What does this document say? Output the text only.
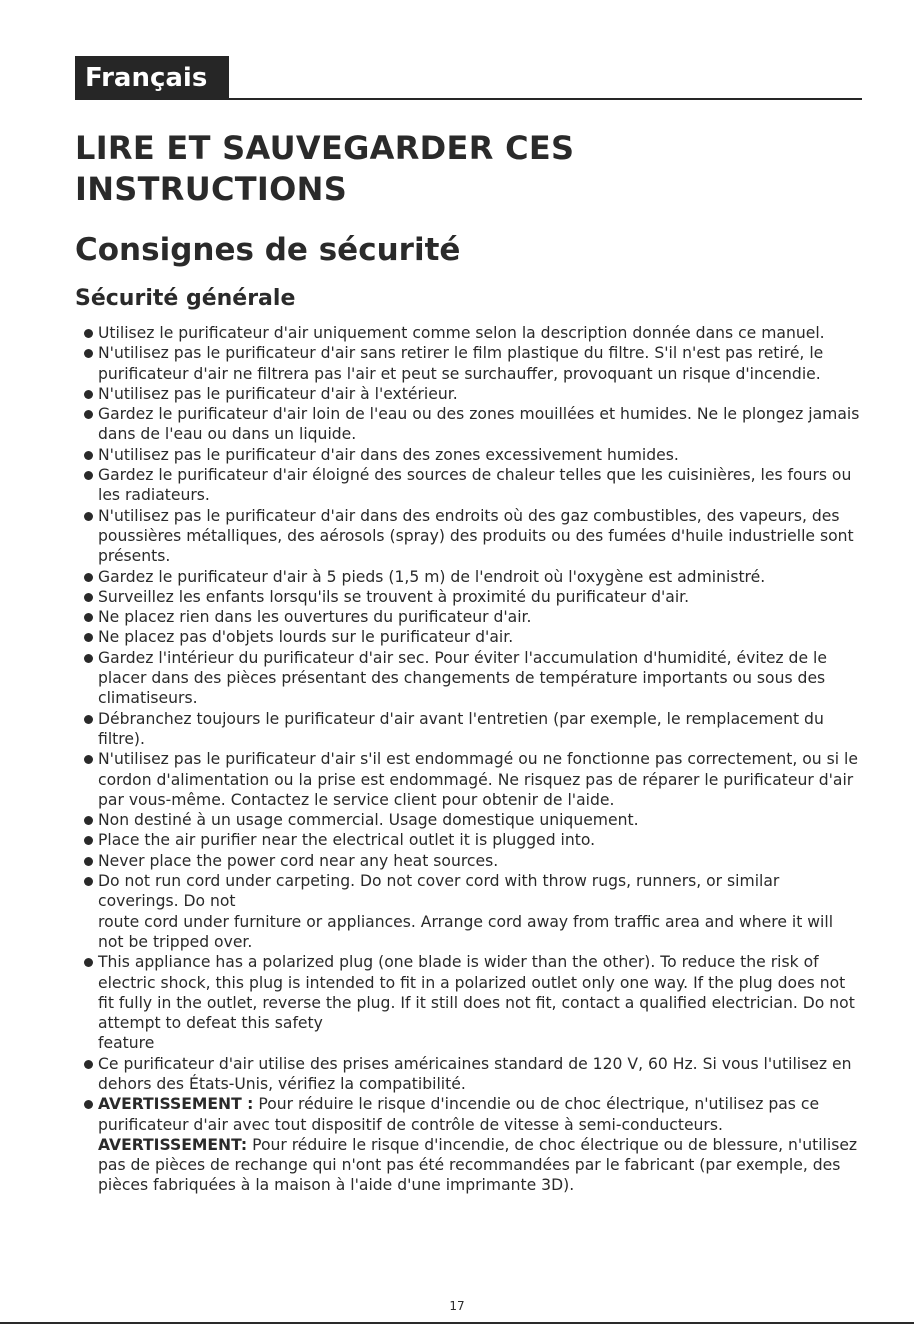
Français
LIRE ET SAUVEGARDER CES INSTRUCTIONS
Consignes de sécurité
Sécurité générale
Utilisez le purificateur d'air uniquement comme selon la description donnée dans ce manuel.
N'utilisez pas le purificateur d'air sans retirer le film plastique du filtre. S'il n'est pas retiré, le purificateur d'air ne filtrera pas l'air et peut se surchauffer, provoquant un risque d'incendie.
N'utilisez pas le purificateur d'air à l'extérieur.
Gardez le purificateur d'air loin de l'eau ou des zones mouillées et humides. Ne le plongez jamais dans de l'eau ou dans un liquide.
N'utilisez pas le purificateur d'air dans des zones excessivement humides.
Gardez le purificateur d'air éloigné des sources de chaleur telles que les cuisinières, les fours ou les radiateurs.
N'utilisez pas le purificateur d'air dans des endroits où des gaz combustibles, des vapeurs, des poussières métalliques, des aérosols (spray) des produits ou des fumées d'huile industrielle sont présents.
Gardez le purificateur d'air à 5 pieds (1,5 m) de l'endroit où l'oxygène est administré.
Surveillez les enfants lorsqu'ils se trouvent à proximité du purificateur d'air.
Ne placez rien dans les ouvertures du purificateur d'air.
Ne placez pas d'objets lourds sur le purificateur d'air.
Gardez l'intérieur du purificateur d'air sec. Pour éviter l'accumulation d'humidité, évitez de le placer dans des pièces présentant des changements de température importants ou sous des climatiseurs.
Débranchez toujours le purificateur d'air avant l'entretien (par exemple, le remplacement du filtre).
N'utilisez pas le purificateur d'air s'il est endommagé ou ne fonctionne pas correctement, ou si le cordon d'alimentation ou la prise est endommagé. Ne risquez pas de réparer le purificateur d'air par vous-même. Contactez le service client pour obtenir de l'aide.
Non destiné à un usage commercial. Usage domestique uniquement.
Place the air purifier near the electrical outlet it is plugged into.
Never place the power cord near any heat sources.
Do not run cord under carpeting. Do not cover cord with throw rugs, runners, or similar coverings. Do not
route cord under furniture or appliances. Arrange cord away from traffic area and where it will not be tripped over.
This appliance has a polarized plug (one blade is wider than the other). To reduce the risk of electric shock, this plug is intended to fit in a polarized outlet only one way. If the plug does not fit fully in the outlet, reverse the plug. If it still does not fit, contact a qualified electrician. Do not attempt to defeat this safety
feature
Ce purificateur d'air utilise des prises américaines standard de 120 V, 60 Hz. Si vous l'utilisez en dehors des États-Unis, vérifiez la compatibilité.
AVERTISSEMENT : Pour réduire le risque d'incendie ou de choc électrique, n'utilisez pas ce purificateur d'air avec tout dispositif de contrôle de vitesse à semi-conducteurs.
AVERTISSEMENT: Pour réduire le risque d'incendie, de choc électrique ou de blessure, n'utilisez pas de pièces de rechange qui n'ont pas été recommandées par le fabricant (par exemple, des pièces fabriquées à la maison à l'aide d'une imprimante 3D).
17
